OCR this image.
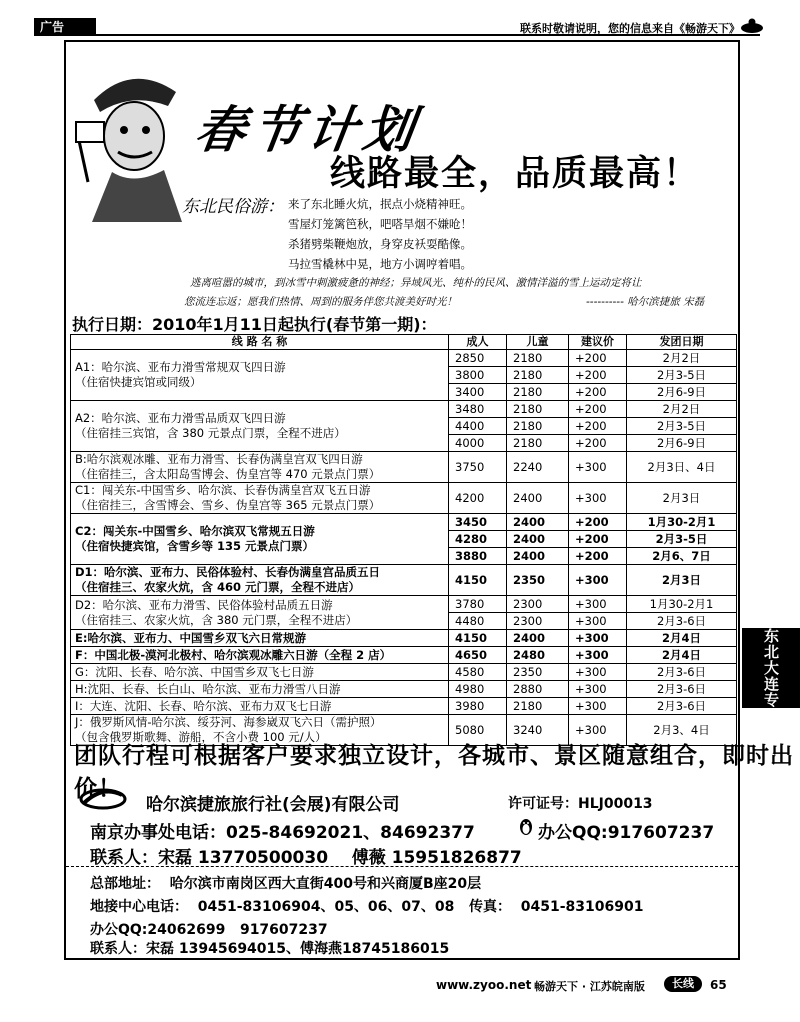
广告	联系时敬请说明，您的信息来自《畅游天下》
东北大连专线
春节计划
线路最全，品质最高！
东北民俗游： 来了东北睡火炕，抿点小烧精神旺。
雪屋灯笼篱笆秋，吧嗒旱烟不嫌呛！
杀猪劈柴鞭炮放，身穿皮袄耍酷像。
马拉雪橇林中晃，地方小调哼着唱。
逃离喧嚣的城市，到冰雪中刺激疲惫的神经；异域风光、纯朴的民风、激情洋溢的雪上运动定将让
您流连忘返；愿我们热情、周到的服务伴您共渡美好时光！	---------- 哈尔滨捷旅 宋磊
执行日期：2010年1月11日起执行(春节第一期)：
线 路 名 称	成人	儿童	建议价	发团日期
A1：哈尔滨、亚布力滑雪常规双飞四日游
（住宿快捷宾馆或同级）	2850	2180	+200	2月2日
	3800	2180	+200	2月3-5日
	3400	2180	+200	2月6-9日
A2：哈尔滨、亚布力滑雪品质双飞四日游
（住宿挂三宾馆，含 380 元景点门票，全程不进店）	3480	2180	+200	2月2日
	4400	2180	+200	2月3-5日
	4000	2180	+200	2月6-9日
B:哈尔滨观冰雕、亚布力滑雪、长春伪满皇宫双飞四日游
（住宿挂三，含太阳岛雪博会、伪皇宫等 470 元景点门票）	3750	2240	+300	2月3日、4日
C1：闯关东-中国雪乡、哈尔滨、长春伪满皇宫双飞五日游
（住宿挂三，含雪博会、雪乡、伪皇宫等 365 元景点门票）	4200	2400	+300	2月3日
C2：闯关东-中国雪乡、哈尔滨双飞常规五日游
（住宿快捷宾馆，含雪乡等 135 元景点门票）	3450	2400	+200	1月30-2月1
	4280	2400	+200	2月3-5日
	3880	2400	+200	2月6、7日
D1：哈尔滨、亚布力、民俗体验村、长春伪满皇宫品质五日
（住宿挂三、农家火炕，含 460 元门票，全程不进店）	4150	2350	+300	2月3日
D2：哈尔滨、亚布力滑雪、民俗体验村品质五日游
（住宿挂三、农家火炕，含 380 元门票，全程不进店）	3780	2300	+300	1月30-2月1
	4480	2300	+300	2月3-6日
E:哈尔滨、亚布力、中国雪乡双飞六日常规游	4150	2400	+300	2月4日
F：中国北极-漠河北极村、哈尔滨观冰雕六日游（全程 2 店）	4650	2480	+300	2月4日
G：沈阳、长春、哈尔滨、中国雪乡双飞七日游	4580	2350	+300	2月3-6日
H:沈阳、长春、长白山、哈尔滨、亚布力滑雪八日游	4980	2880	+300	2月3-6日
I：大连、沈阳、长春、哈尔滨、亚布力双飞七日游	3980	2180	+300	2月3-6日
J：俄罗斯风情-哈尔滨、绥芬河、海参崴双飞六日（需护照）
（包含俄罗斯歌舞、游船，不含小费 100 元/人）	5080	3240	+300	2月3、4日
团队行程可根据客户要求独立设计，各城市、景区随意组合，即时出价！
哈尔滨捷旅旅行社(会展)有限公司	许可证号：HLJ00013
南京办事处电话：025-84692021、84692377	办公QQ:917607237
联系人：宋磊 13770500030    傅薇 15951826877
总部地址：  哈尔滨市南岗区西大直街400号和兴商厦B座20层
地接中心电话：  0451-83106904、05、06、07、08   传真：  0451-83106901
办公QQ:24062699   917607237
联系人：宋磊 13945694015、傅海燕18745186015
www.zyoo.net 畅游天下 · 江苏皖南版	长线	65
